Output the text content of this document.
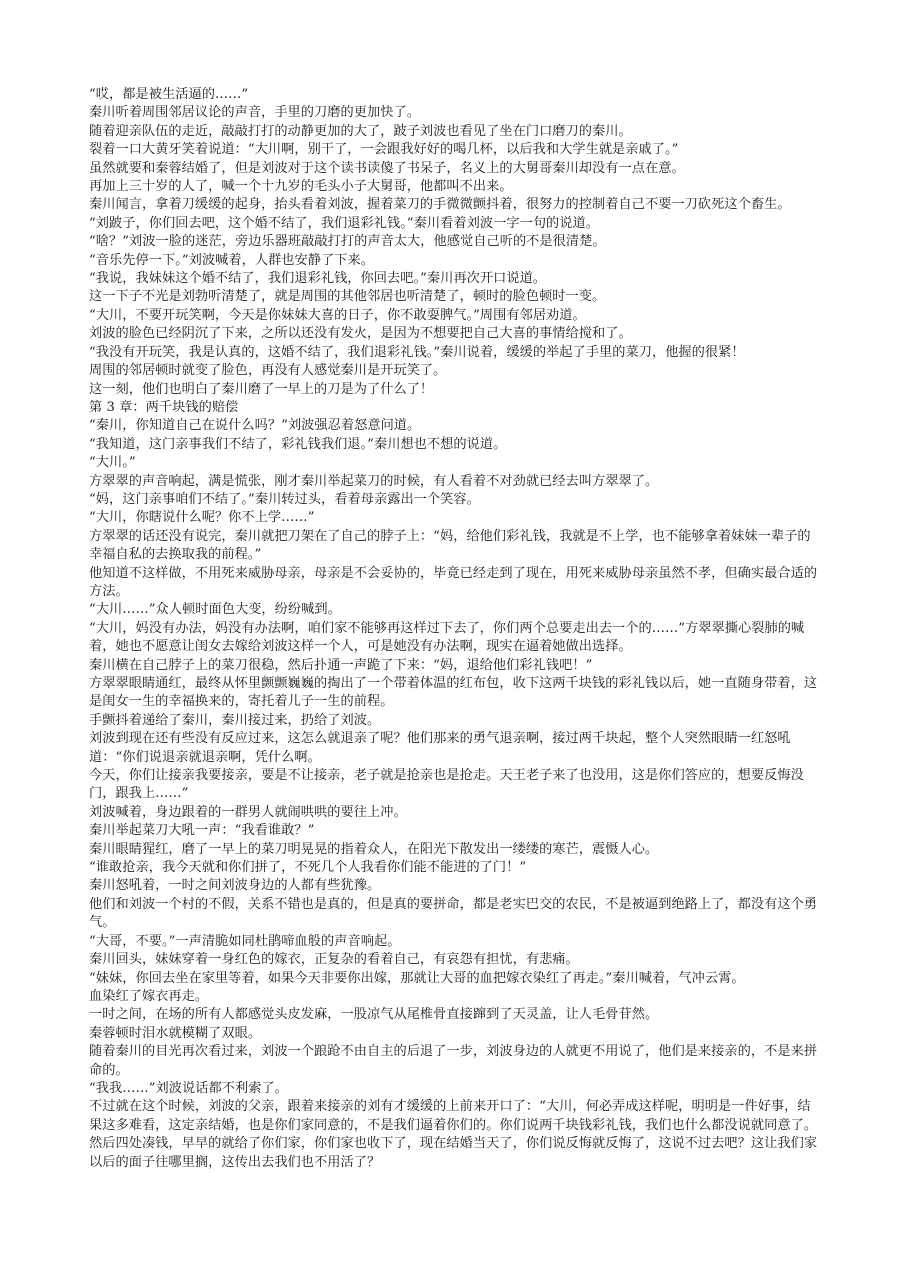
“哎，都是被生活逼的……”

秦川听着周围邻居议论的声音，手里的刀磨的更加快了。

随着迎亲队伍的走近，敲敲打打的动静更加的大了，跛子刘波也看见了坐在门口磨刀的秦川。

裂着一口大黄牙笑着说道：“大川啊，别干了，一会跟我好好的喝几杯，以后我和大学生就是亲戚了。”

虽然就要和秦蓉结婚了，但是刘波对于这个读书读傻了书呆子，名义上的大舅哥秦川却没有一点在意。

再加上三十岁的人了，喊一个十九岁的毛头小子大舅哥，他都叫不出来。

秦川闻言，拿着刀缓缓的起身，抬头看着刘波，握着菜刀的手微微颤抖着，很努力的控制着自己不要一刀砍死这个畜生。

“刘跛子，你们回去吧，这个婚不结了，我们退彩礼钱。”秦川看着刘波一字一句的说道。

“啥？”刘波一脸的迷茫，旁边乐器班敲敲打打的声音太大，他感觉自己听的不是很清楚。

“音乐先停一下。”刘波喊着，人群也安静了下来。

“我说，我妹妹这个婚不结了，我们退彩礼钱，你回去吧。”秦川再次开口说道。

这一下子不光是刘勃听清楚了，就是周围的其他邻居也听清楚了，顿时的脸色顿时一变。

“大川，不要开玩笑啊，今天是你妹妹大喜的日子，你不敢耍脾气。”周围有邻居劝道。

刘波的脸色已经阴沉了下来，之所以还没有发火，是因为不想要把自己大喜的事情给搅和了。

“我没有开玩笑，我是认真的，这婚不结了，我们退彩礼钱。”秦川说着，缓缓的举起了手里的菜刀，他握的很紧！

周围的邻居顿时就变了脸色，再没有人感觉秦川是开玩笑了。

这一刻，他们也明白了秦川磨了一早上的刀是为了什么了！

第 3 章：两千块钱的赔偿

“秦川，你知道自己在说什么吗？”刘波强忍着怒意问道。

“我知道，这门亲事我们不结了，彩礼钱我们退。”秦川想也不想的说道。

“大川。”

方翠翠的声音响起，满是慌张，刚才秦川举起菜刀的时候，有人看着不对劲就已经去叫方翠翠了。

“妈，这门亲事咱们不结了。”秦川转过头，看着母亲露出一个笑容。

“大川，你瞎说什么呢？你不上学……”

方翠翠的话还没有说完，秦川就把刀架在了自己的脖子上：“妈，给他们彩礼钱，我就是不上学，也不能够拿着妹妹一辈子的幸福自私的去换取我的前程。”

他知道不这样做，不用死来威胁母亲，母亲是不会妥协的，毕竟已经走到了现在，用死来威胁母亲虽然不孝，但确实最合适的方法。

“大川……”众人顿时面色大变，纷纷喊到。

“大川，妈没有办法，妈没有办法啊，咱们家不能够再这样过下去了，你们两个总要走出去一个的……”方翠翠撕心裂肺的喊着，她也不愿意让闺女去嫁给刘波这样一个人，可是她没有办法啊，现实在逼着她做出选择。

秦川横在自己脖子上的菜刀很稳，然后扑通一声跪了下来：“妈，退给他们彩礼钱吧！”

方翠翠眼睛通红，最终从怀里颤颤巍巍的掏出了一个带着体温的红布包，收下这两千块钱的彩礼钱以后，她一直随身带着，这是闺女一生的幸福换来的，寄托着儿子一生的前程。

手颤抖着递给了秦川，秦川接过来，扔给了刘波。

刘波到现在还有些没有反应过来，这怎么就退亲了呢？他们那来的勇气退亲啊，接过两千块起，整个人突然眼睛一红怒吼道：“你们说退亲就退亲啊，凭什么啊。

今天，你们让接亲我要接亲，要是不让接亲，老子就是抢亲也是抢走。天王老子来了也没用，这是你们答应的，想要反悔没门，跟我上……”

刘波喊着，身边跟着的一群男人就闹哄哄的要往上冲。

秦川举起菜刀大吼一声：“我看谁敢？”

秦川眼睛猩红，磨了一早上的菜刀明晃晃的指着众人，在阳光下散发出一缕缕的寒芒，震慑人心。

“谁敢抢亲，我今天就和你们拼了，不死几个人我看你们能不能进的了门！”

秦川怒吼着，一时之间刘波身边的人都有些犹豫。

他们和刘波一个村的不假，关系不错也是真的，但是真的要拼命，都是老实巴交的农民，不是被逼到绝路上了，都没有这个勇气。

“大哥，不要。”一声清脆如同杜鹃啼血般的声音响起。

秦川回头，妹妹穿着一身红色的嫁衣，正复杂的看着自己，有哀怨有担忧，有悲痛。

“妹妹，你回去坐在家里等着，如果今天非要你出嫁，那就让大哥的血把嫁衣染红了再走。”秦川喊着，气冲云霄。

血染红了嫁衣再走。

一时之间，在场的所有人都感觉头皮发麻，一股凉气从尾椎骨直接蹿到了天灵盖，让人毛骨苷然。

秦蓉顿时泪水就模糊了双眼。

随着秦川的目光再次看过来，刘波一个踉跄不由自主的后退了一步，刘波身边的人就更不用说了，他们是来接亲的，不是来拼命的。

“我我……”刘波说话都不利索了。

不过就在这个时候，刘波的父亲，跟着来接亲的刘有才缓缓的上前来开口了：“大川，何必弄成这样呢，明明是一件好事，结果这多难看，这定亲结婚，也是你们家同意的，不是我们逼着你们的。你们说两千块钱彩礼钱，我们也什么都没说就同意了。

然后四处凑钱，早早的就给了你们家，你们家也收下了，现在结婚当天了，你们说反悔就反悔了，这说不过去吧？这让我们家以后的面子往哪里搁，这传出去我们也不用活了？
